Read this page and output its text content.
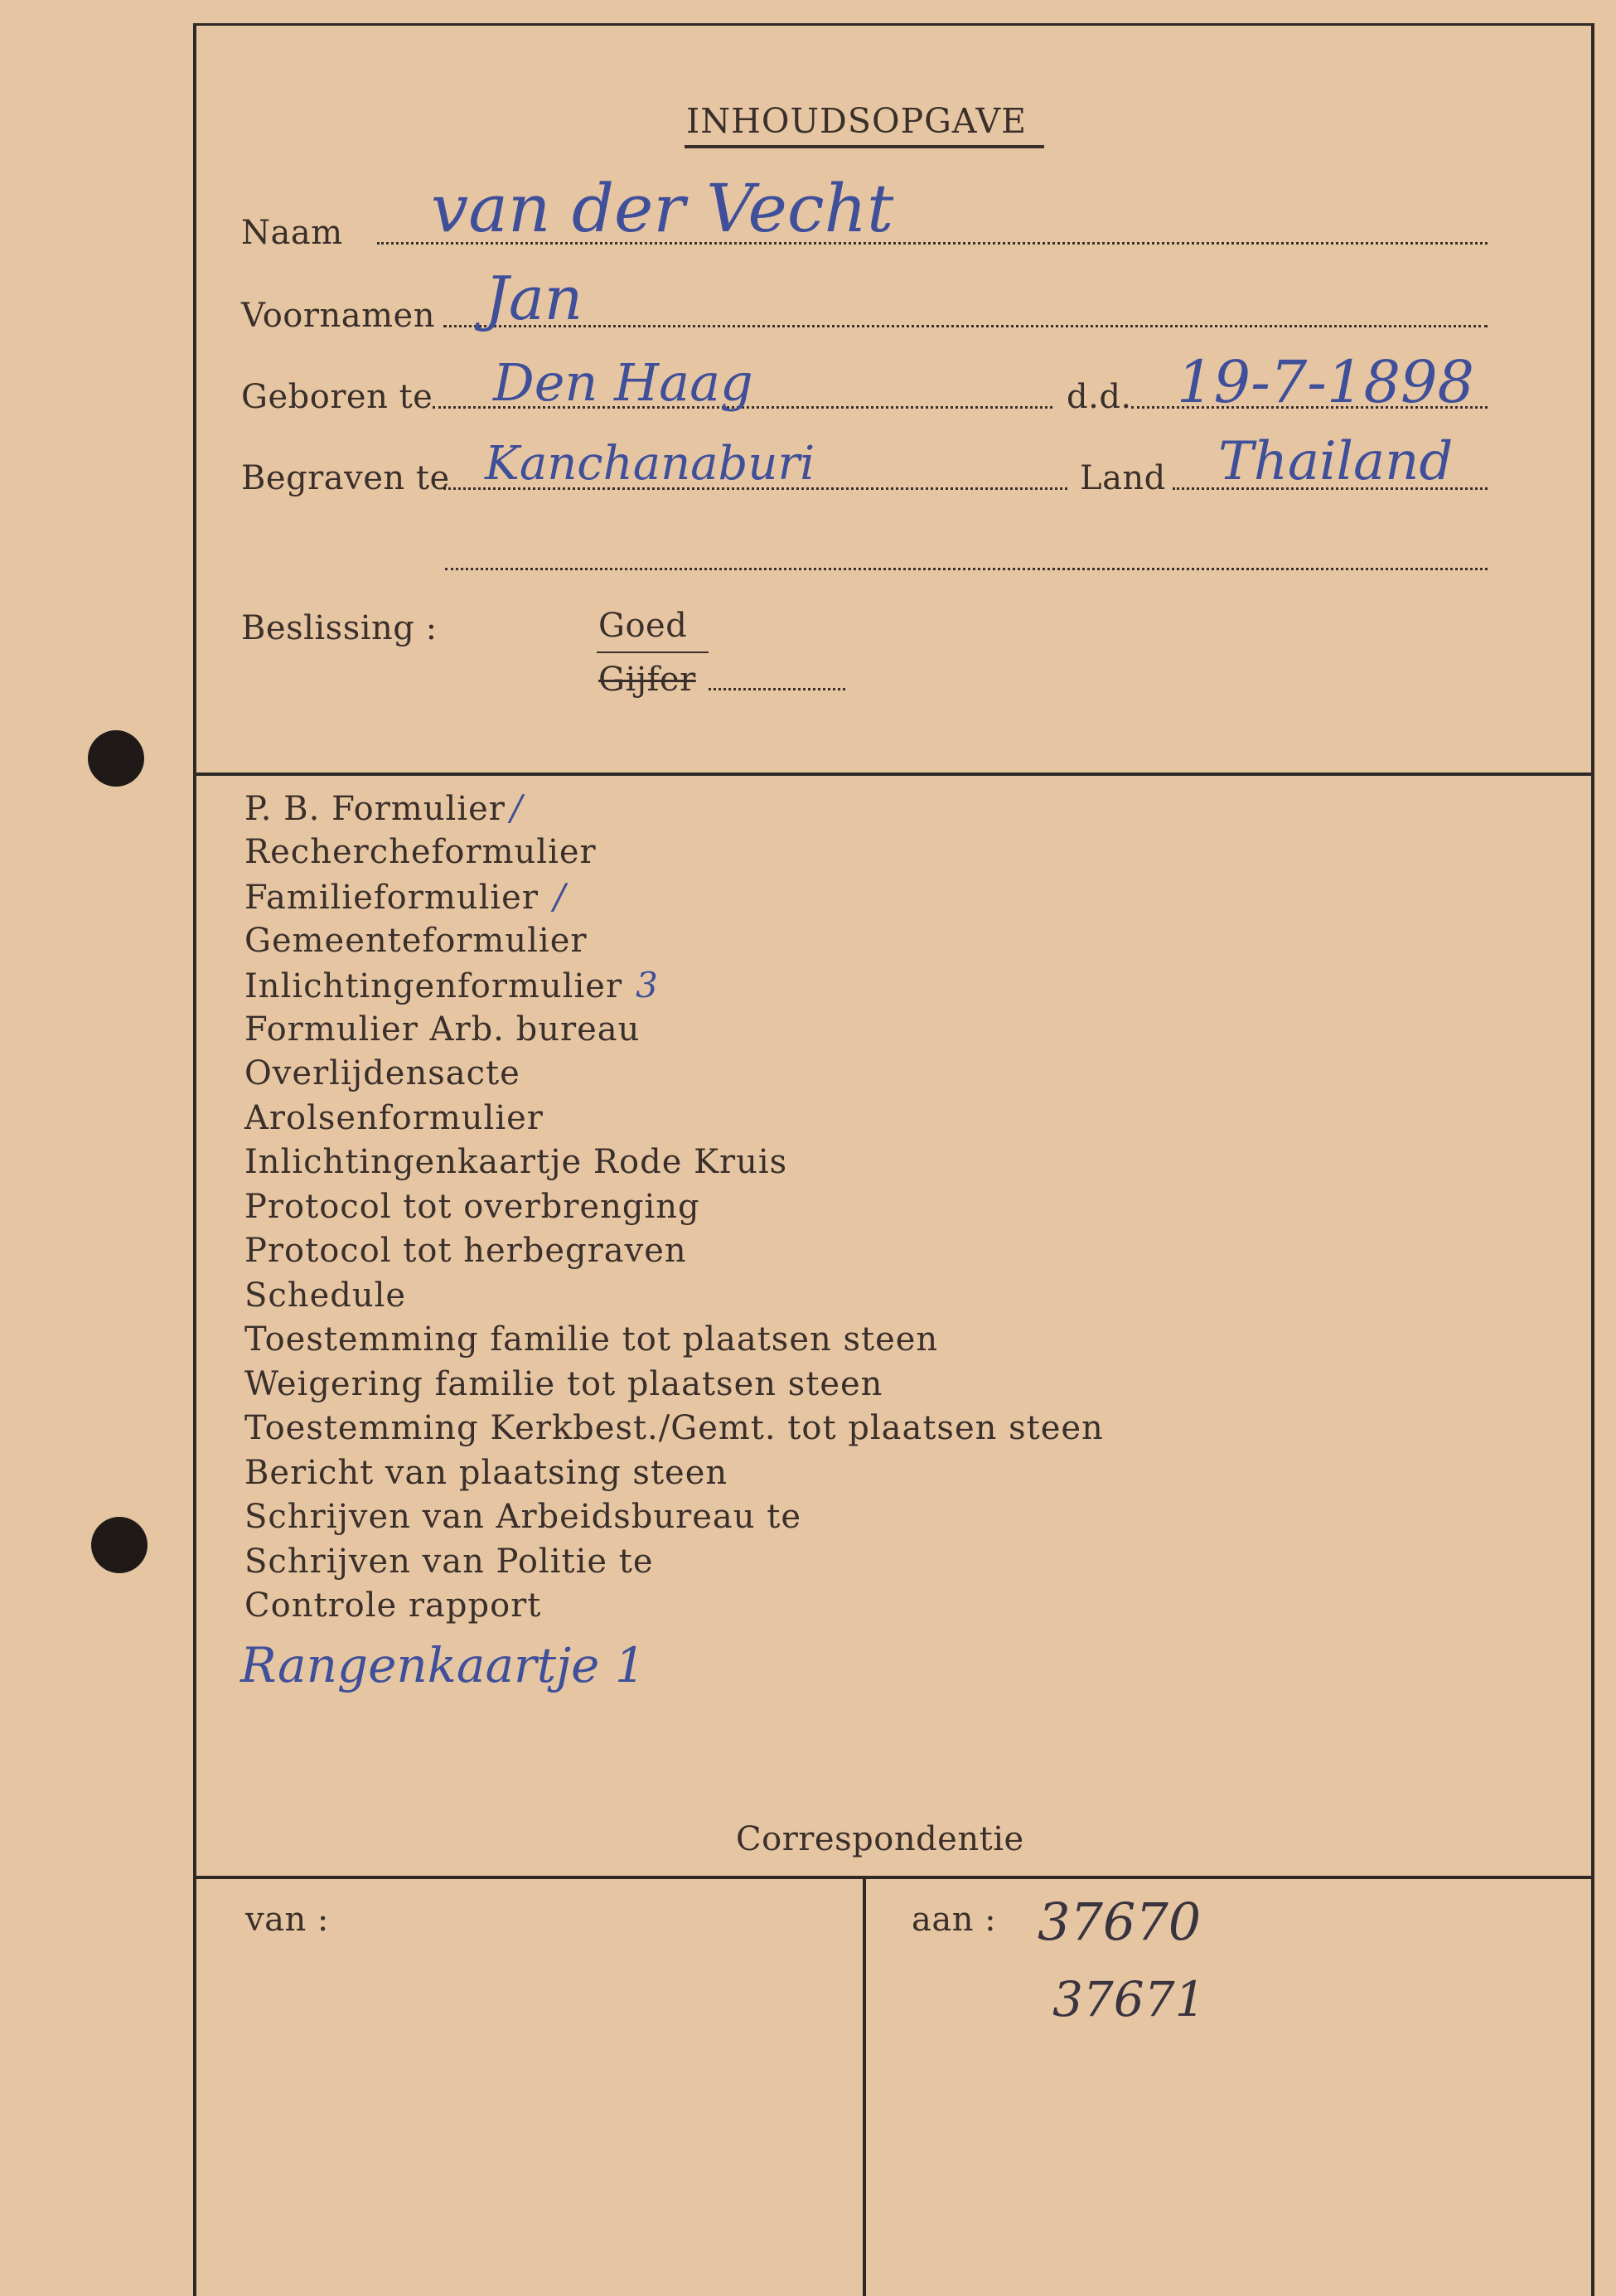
INHOUDSOPGAVE
Naam van der Vecht
Voornamen Jan
Geboren te Den Haag	d.d. 19-7-1898
Begraven te Kanchanaburi	Land Thailand
Beslissing :	Goed
Gijfer
P. B. Formulier /
Rechercheformulier
Familieformulier /
Gemeenteformulier
Inlichtingenformulier 3
Formulier Arb. bureau
Overlijdensacte
Arolsenformulier
Inlichtingenkaartje Rode Kruis
Protocol tot overbrenging
Protocol tot herbegraven
Schedule
Toestemming familie tot plaatsen steen
Weigering familie tot plaatsen steen
Toestemming Kerkbest./Gemt. tot plaatsen steen
Bericht van plaatsing steen
Schrijven van Arbeidsbureau te
Schrijven van Politie te
Controle rapport
Rangenkaartje 1
Correspondentie
van :	aan : 37670
37671
